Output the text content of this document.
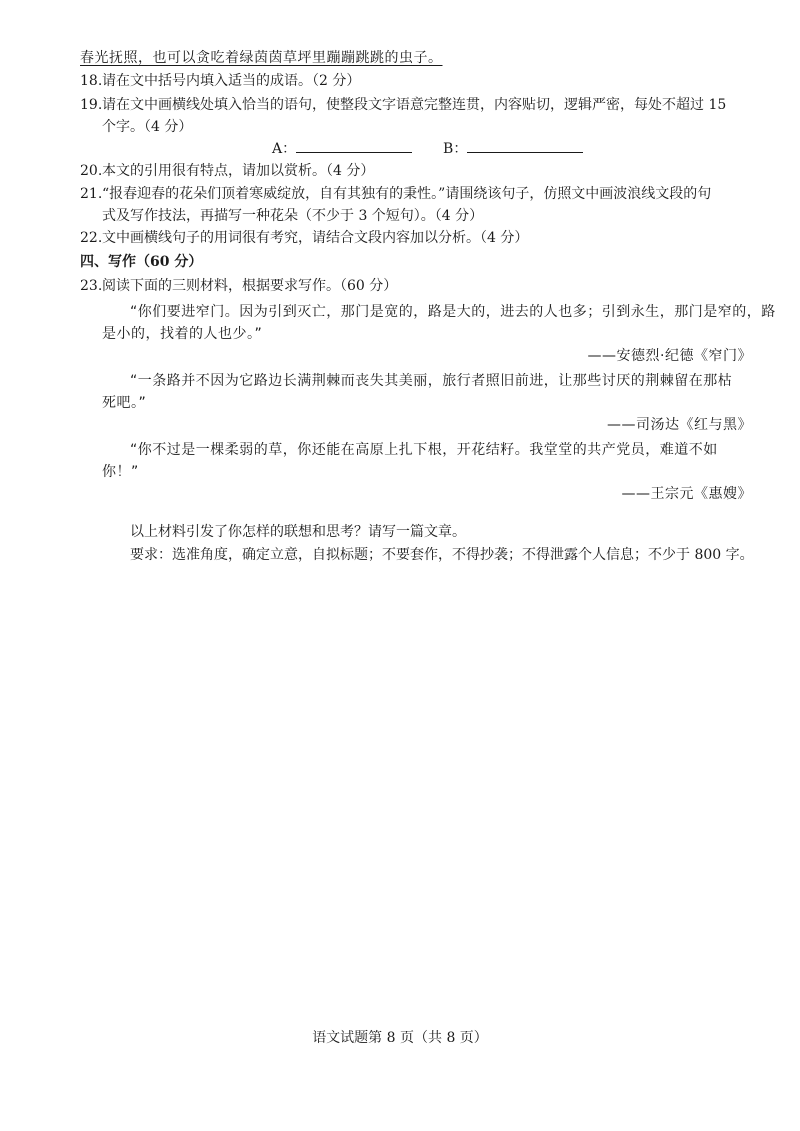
春光抚照，也可以贪吃着绿茵茵草坪里蹦蹦跳跳的虫子。
18.请在文中括号内填入适当的成语。（2 分）
19.请在文中画横线处填入恰当的语句，使整段文字语意完整连贯，内容贴切，逻辑严密，每处不超过 15
个字。（4 分）
A：	B：
20.本文的引用很有特点，请加以赏析。（4 分）
21.“报春迎春的花朵们顶着寒威绽放，自有其独有的秉性。”请围绕该句子，仿照文中画波浪线文段的句
式及写作技法，再描写一种花朵（不少于 3 个短句）。（4 分）
22.文中画横线句子的用词很有考究，请结合文段内容加以分析。（4 分）
四、写作（60 分）
23.阅读下面的三则材料，根据要求写作。（60 分）
“你们要进窄门。因为引到灭亡，那门是宽的，路是大的，进去的人也多；引到永生，那门是窄的，路
是小的，找着的人也少。”
——安德烈·纪德《窄门》
“一条路并不因为它路边长满荆棘而丧失其美丽，旅行者照旧前进，让那些讨厌的荆棘留在那枯
死吧。”
——司汤达《红与黑》
“你不过是一棵柔弱的草，你还能在高原上扎下根，开花结籽。我堂堂的共产党员，难道不如
你！”
——王宗元《惠嫂》
以上材料引发了你怎样的联想和思考？请写一篇文章。
要求：选准角度，确定立意，自拟标题；不要套作，不得抄袭；不得泄露个人信息；不少于 800 字。
语文试题第 8 页（共 8 页）
